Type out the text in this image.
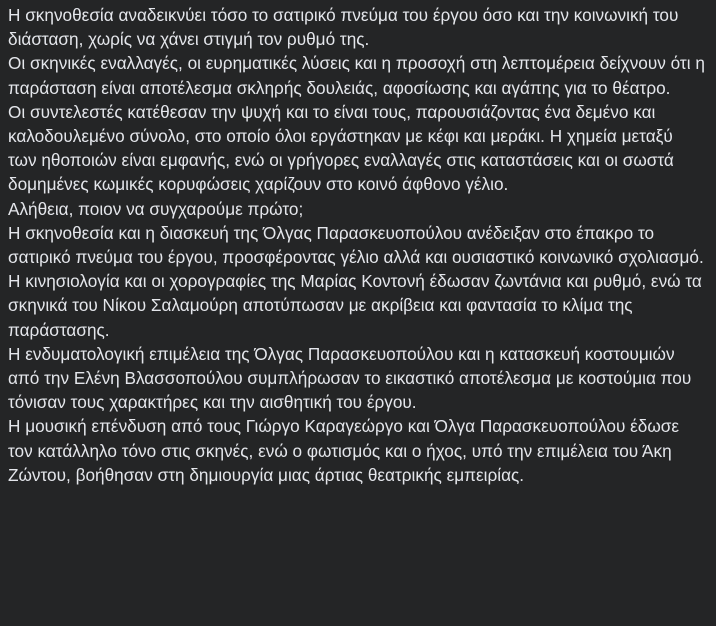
Η σκηνοθεσία αναδεικνύει τόσο το σατιρικό πνεύμα του έργου όσο και την κοινωνική του διάσταση, χωρίς να χάνει στιγμή τον ρυθμό της.

Οι σκηνικές εναλλαγές, οι ευρηματικές λύσεις και η προσοχή στη λεπτομέρεια δείχνουν ότι η παράσταση είναι αποτέλεσμα σκληρής δουλειάς, αφοσίωσης και αγάπης για το θέατρο.

Οι συντελεστές κατέθεσαν την ψυχή και το είναι τους, παρουσιάζοντας ένα δεμένο και καλοδουλεμένο σύνολο, στο οποίο όλοι εργάστηκαν με κέφι και μεράκι. Η χημεία μεταξύ των ηθοποιών είναι εμφανής, ενώ οι γρήγορες εναλλαγές στις καταστάσεις και οι σωστά δομημένες κωμικές κορυφώσεις χαρίζουν στο κοινό άφθονο γέλιο.

Αλήθεια, ποιον να συγχαρούμε πρώτο;

Η σκηνοθεσία και η διασκευή της Όλγας Παρασκευοπούλου ανέδειξαν στο έπακρο το σατιρικό πνεύμα του έργου, προσφέροντας γέλιο αλλά και ουσιαστικό κοινωνικό σχολιασμό.

Η κινησιολογία και οι χορογραφίες της Μαρίας Κοντονή έδωσαν ζωντάνια και ρυθμό, ενώ τα σκηνικά του Νίκου Σαλαμούρη αποτύπωσαν με ακρίβεια και φαντασία το κλίμα της παράστασης.

Η ενδυματολογική επιμέλεια της Όλγας Παρασκευοπούλου και η κατασκευή κοστουμιών από την Ελένη Βλασσοπούλου συμπλήρωσαν το εικαστικό αποτέλεσμα με κοστούμια που τόνισαν τους χαρακτήρες και την αισθητική του έργου.

Η μουσική επένδυση από τους Γιώργο Καραγεώργο και Όλγα Παρασκευοπούλου έδωσε τον κατάλληλο τόνο στις σκηνές, ενώ ο φωτισμός και ο ήχος, υπό την επιμέλεια του Άκη Ζώντου, βοήθησαν στη δημιουργία μιας άρτιας θεατρικής εμπειρίας.
